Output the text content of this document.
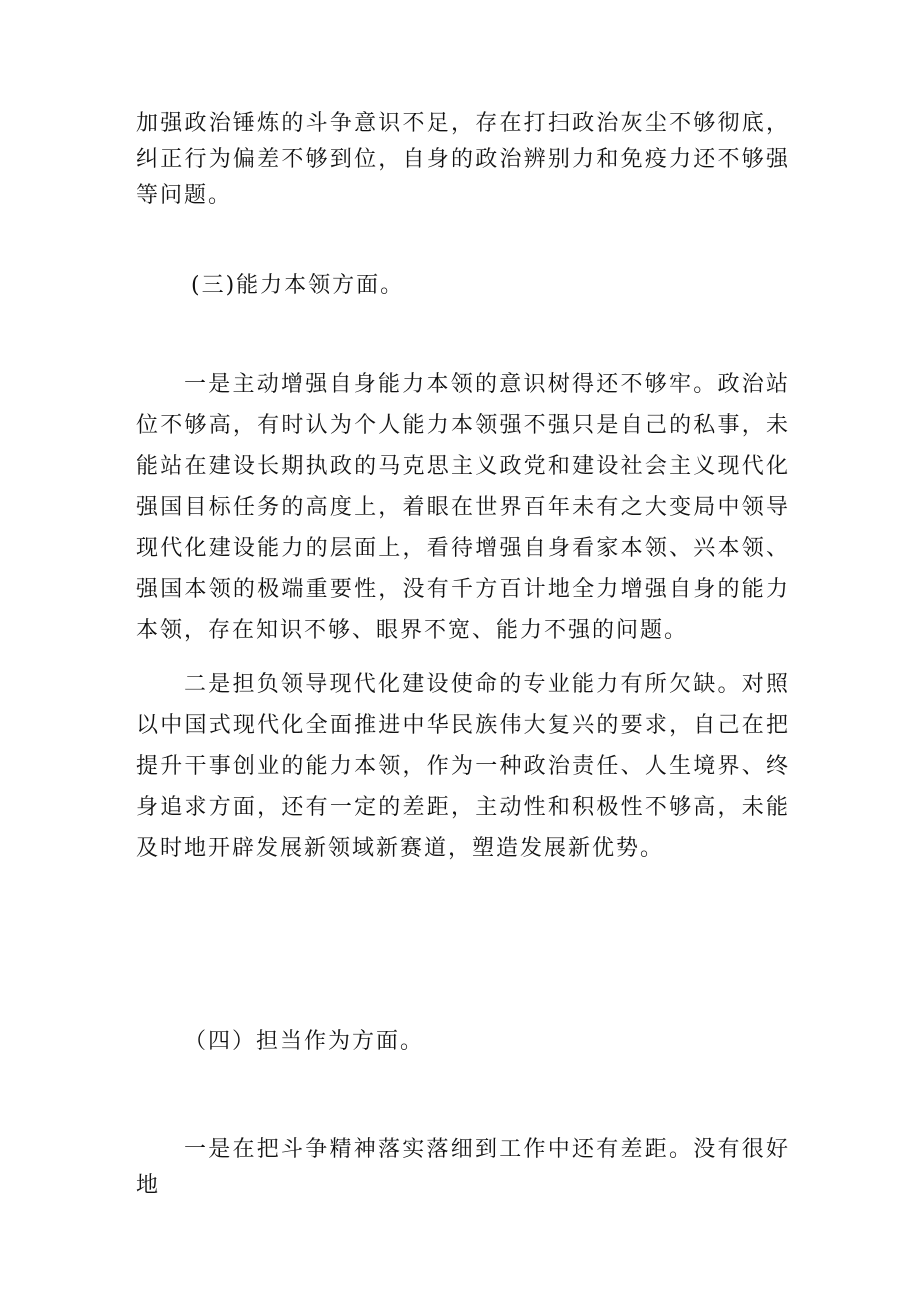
加强政治锤炼的斗争意识不足，存在打扫政治灰尘不够彻底，纠正行为偏差不够到位，自身的政治辨别力和免疫力还不够强等问题。

(三)能力本领方面。

一是主动增强自身能力本领的意识树得还不够牢。政治站位不够高，有时认为个人能力本领强不强只是自己的私事，未能站在建设长期执政的马克思主义政党和建设社会主义现代化强国目标任务的高度上，着眼在世界百年未有之大变局中领导现代化建设能力的层面上，看待增强自身看家本领、兴本领、强国本领的极端重要性，没有千方百计地全力增强自身的能力本领，存在知识不够、眼界不宽、能力不强的问题。

二是担负领导现代化建设使命的专业能力有所欠缺。对照以中国式现代化全面推进中华民族伟大复兴的要求，自己在把提升干事创业的能力本领，作为一种政治责任、人生境界、终身追求方面，还有一定的差距，主动性和积极性不够高，未能及时地开辟发展新领域新赛道，塑造发展新优势。

（四）担当作为方面。

一是在把斗争精神落实落细到工作中还有差距。没有很好地
